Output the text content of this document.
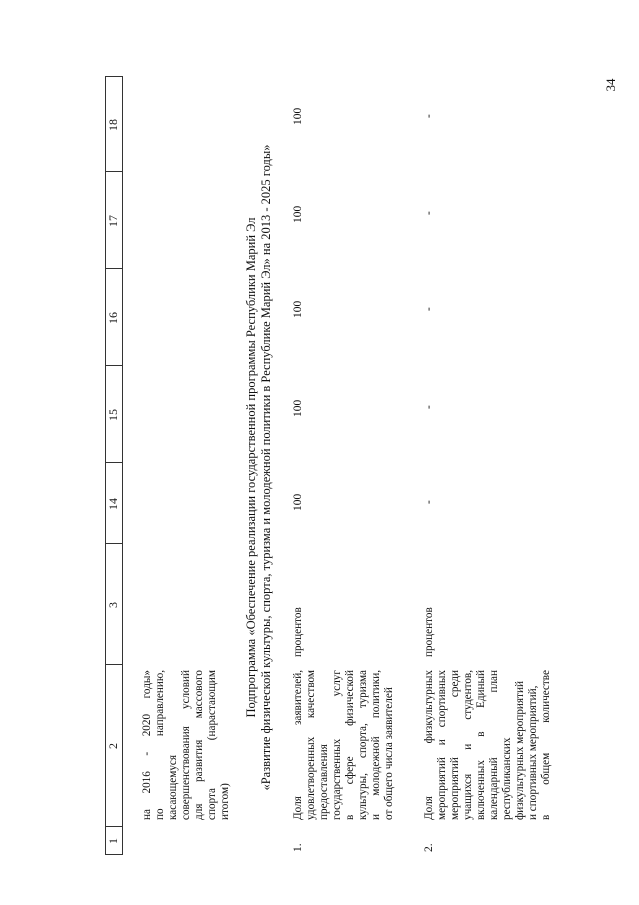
34
1
2
3
14
15
16
17
18
на 2016 - 2020 годы» по направлению, касающемуся совершенствования условий для развития массового спорта (нарастающим итогом)
Подпрограмма «Обеспечение реализации государственной программы Республики Марий Эл «Развитие физической культуры, спорта, туризма и молодежной политики в Республике Марий Эл» на 2013 - 2025 годы»
1.
Доля заявителей, удовлетворенных качеством предоставления государственных услуг в сфере физической культуры, спорта, туризма и молодежной политики, от общего числа заявителей
процентов
100
100
100
100
100
2.
Доля физкультурных мероприятий и спортивных мероприятий среди учащихся и студентов, включенных в Единый календарный план республиканских физкультурных мероприятий и спортивных мероприятий, в общем количестве
процентов
-
-
-
-
-
